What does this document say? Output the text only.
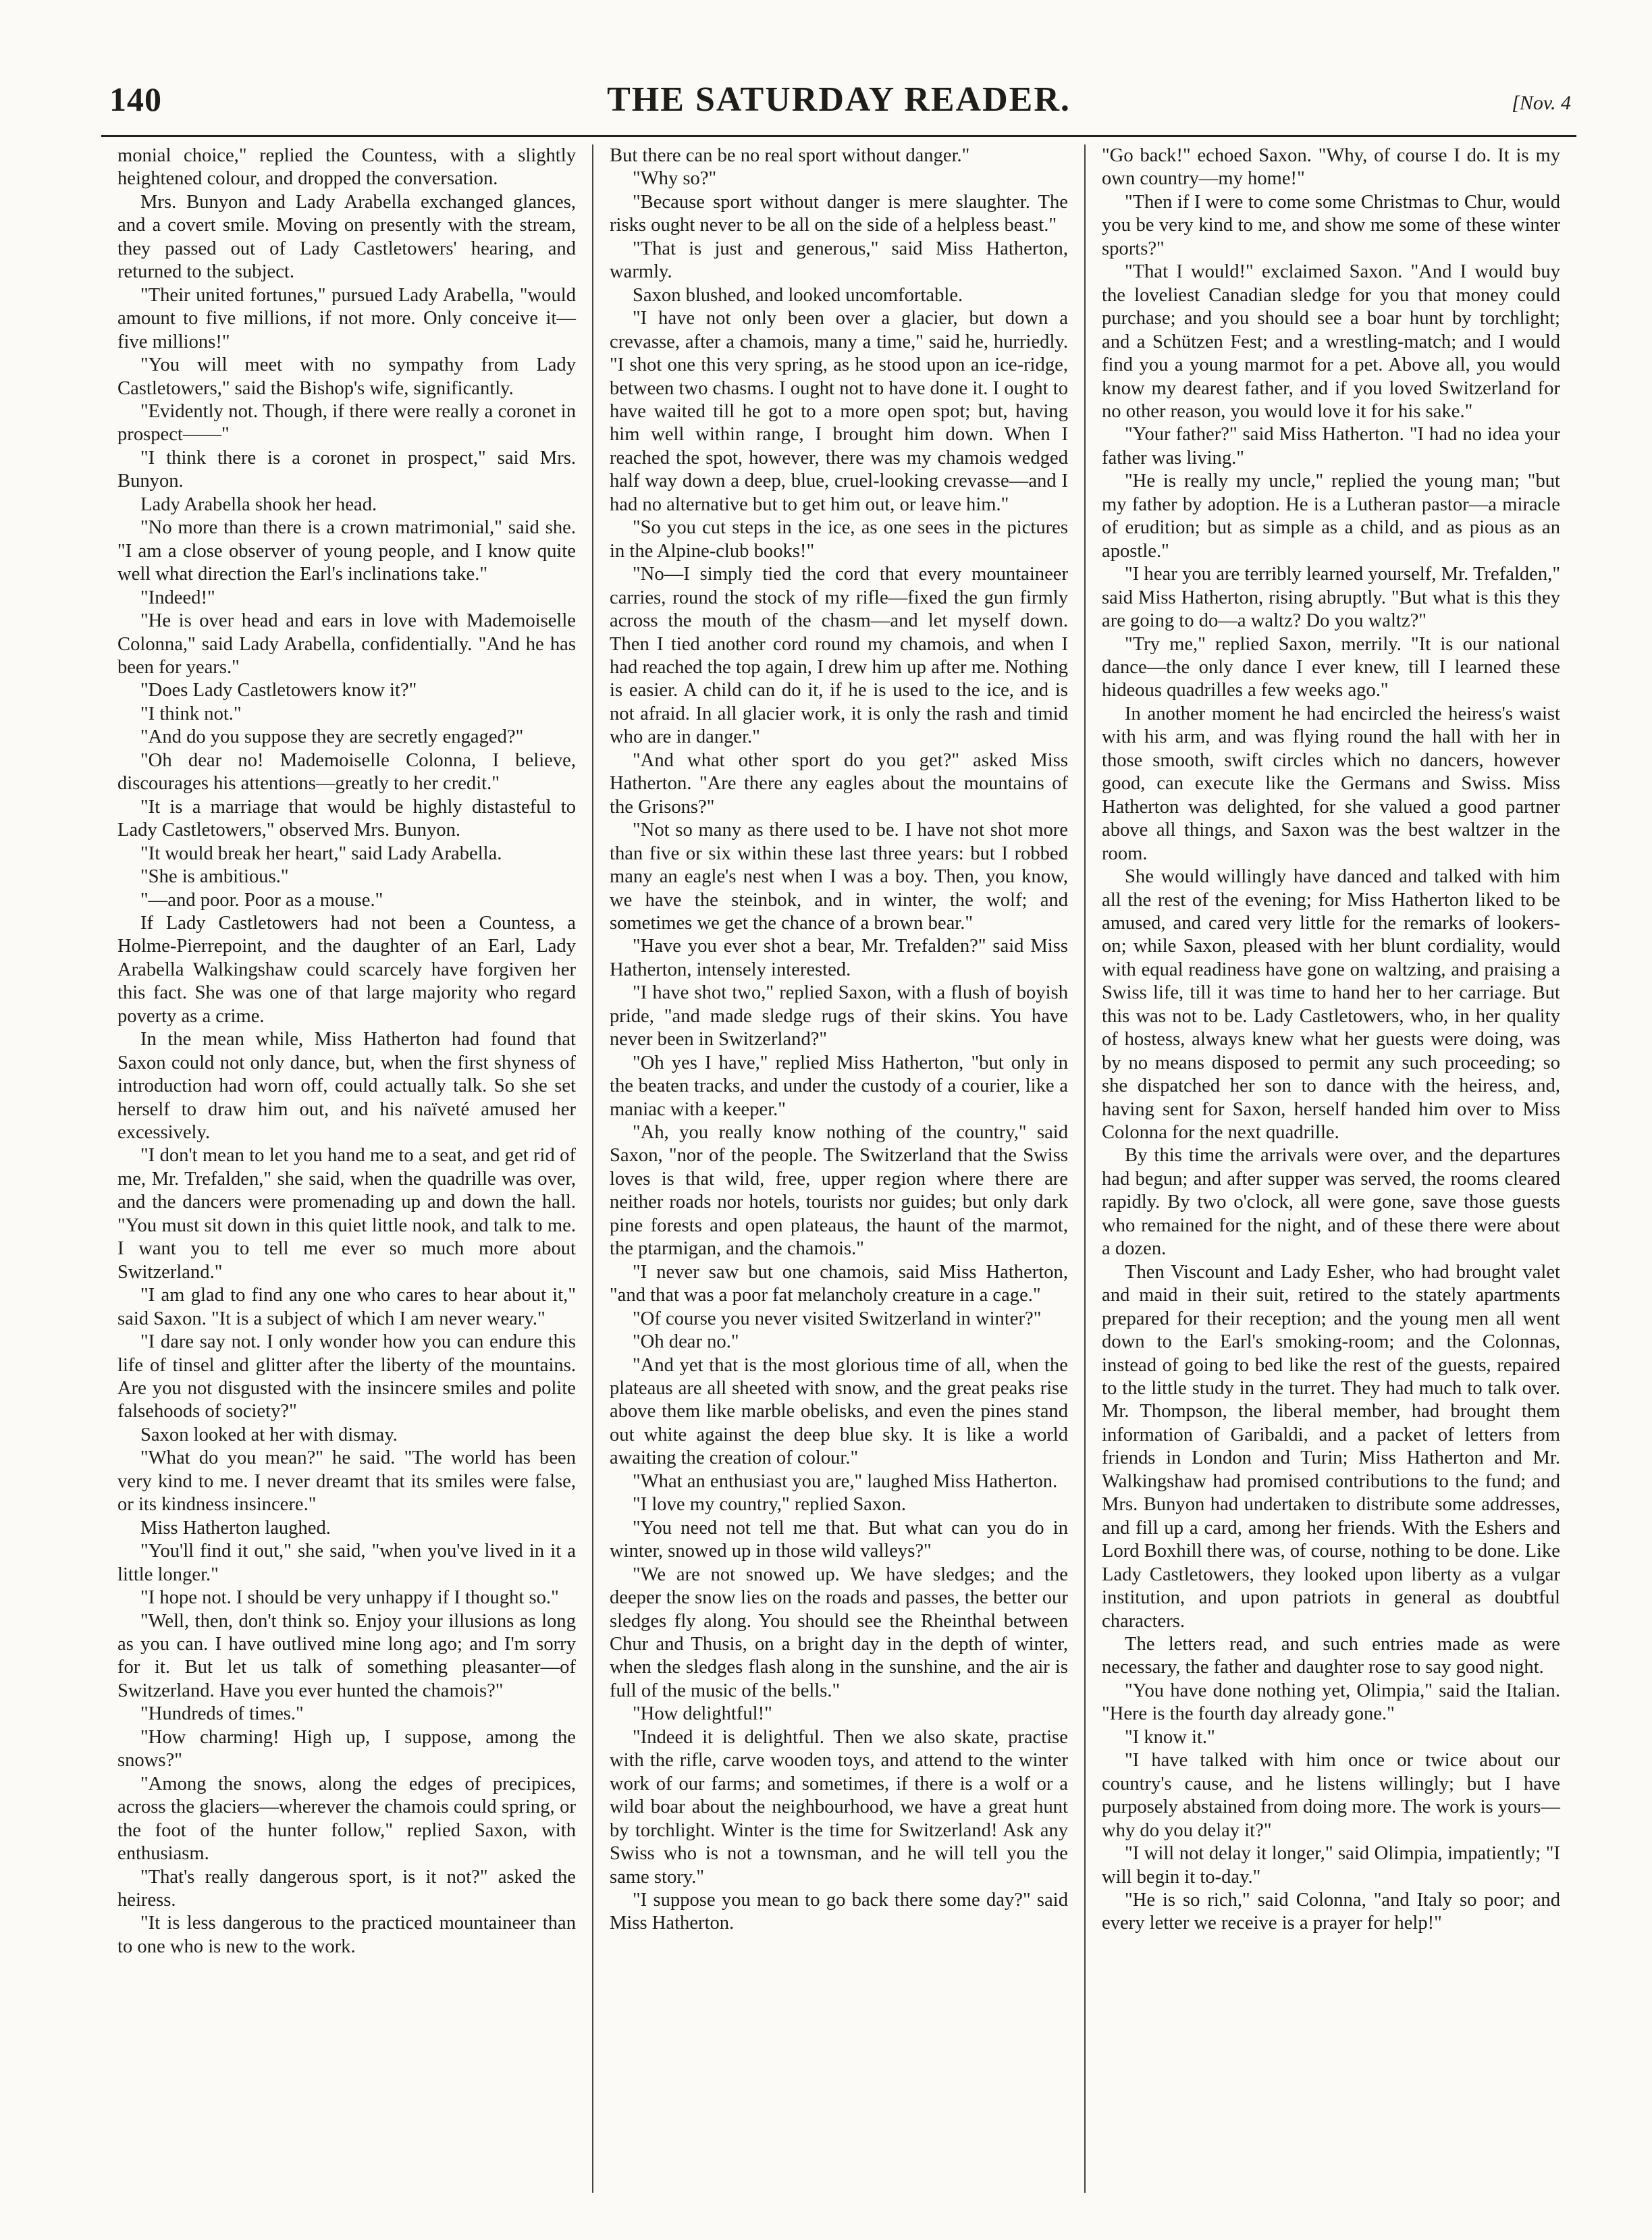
140	THE SATURDAY READER.	[Nov. 4

monial choice," replied the Countess, with a slightly heightened colour, and dropped the conversation.

Mrs. Bunyon and Lady Arabella exchanged glances, and a covert smile. Moving on presently with the stream, they passed out of Lady Castletowers' hearing, and returned to the subject.

"Their united fortunes," pursued Lady Arabella, "would amount to five millions, if not more. Only conceive it—five millions!"

"You will meet with no sympathy from Lady Castletowers," said the Bishop's wife, significantly.

"Evidently not. Though, if there were really a coronet in prospect——"

"I think there is a coronet in prospect," said Mrs. Bunyon.

Lady Arabella shook her head.

"No more than there is a crown matrimonial," said she. "I am a close observer of young people, and I know quite well what direction the Earl's inclinations take."

"Indeed!"

"He is over head and ears in love with Mademoiselle Colonna," said Lady Arabella, confidentially. "And he has been for years."

"Does Lady Castletowers know it?"

"I think not."

"And do you suppose they are secretly engaged?"

"Oh dear no! Mademoiselle Colonna, I believe, discourages his attentions—greatly to her credit."

"It is a marriage that would be highly distasteful to Lady Castletowers," observed Mrs. Bunyon.

"It would break her heart," said Lady Arabella.

"She is ambitious."

"—and poor. Poor as a mouse."

If Lady Castletowers had not been a Countess, a Holme-Pierrepoint, and the daughter of an Earl, Lady Arabella Walkingshaw could scarcely have forgiven her this fact. She was one of that large majority who regard poverty as a crime.

In the mean while, Miss Hatherton had found that Saxon could not only dance, but, when the first shyness of introduction had worn off, could actually talk. So she set herself to draw him out, and his naïveté amused her excessively.

"I don't mean to let you hand me to a seat, and get rid of me, Mr. Trefalden," she said, when the quadrille was over, and the dancers were promenading up and down the hall. "You must sit down in this quiet little nook, and talk to me. I want you to tell me ever so much more about Switzerland."

"I am glad to find any one who cares to hear about it," said Saxon. "It is a subject of which I am never weary."

"I dare say not. I only wonder how you can endure this life of tinsel and glitter after the liberty of the mountains. Are you not disgusted with the insincere smiles and polite falsehoods of society?"

Saxon looked at her with dismay.

"What do you mean?" he said. "The world has been very kind to me. I never dreamt that its smiles were false, or its kindness insincere."

Miss Hatherton laughed.

"You'll find it out," she said, "when you've lived in it a little longer."

"I hope not. I should be very unhappy if I thought so."

"Well, then, don't think so. Enjoy your illusions as long as you can. I have outlived mine long ago; and I'm sorry for it. But let us talk of something pleasanter—of Switzerland. Have you ever hunted the chamois?"

"Hundreds of times."

"How charming! High up, I suppose, among the snows?"

"Among the snows, along the edges of precipices, across the glaciers—wherever the chamois could spring, or the foot of the hunter follow," replied Saxon, with enthusiasm.

"That's really dangerous sport, is it not?" asked the heiress.

"It is less dangerous to the practiced mountaineer than to one who is new to the work.

But there can be no real sport without danger."

"Why so?"

"Because sport without danger is mere slaughter. The risks ought never to be all on the side of a helpless beast."

"That is just and generous," said Miss Hatherton, warmly.

Saxon blushed, and looked uncomfortable.

"I have not only been over a glacier, but down a crevasse, after a chamois, many a time," said he, hurriedly. "I shot one this very spring, as he stood upon an ice-ridge, between two chasms. I ought not to have done it. I ought to have waited till he got to a more open spot; but, having him well within range, I brought him down. When I reached the spot, however, there was my chamois wedged half way down a deep, blue, cruel-looking crevasse—and I had no alternative but to get him out, or leave him."

"So you cut steps in the ice, as one sees in the pictures in the Alpine-club books!"

"No—I simply tied the cord that every mountaineer carries, round the stock of my rifle—fixed the gun firmly across the mouth of the chasm—and let myself down. Then I tied another cord round my chamois, and when I had reached the top again, I drew him up after me. Nothing is easier. A child can do it, if he is used to the ice, and is not afraid. In all glacier work, it is only the rash and timid who are in danger."

"And what other sport do you get?" asked Miss Hatherton. "Are there any eagles about the mountains of the Grisons?"

"Not so many as there used to be. I have not shot more than five or six within these last three years: but I robbed many an eagle's nest when I was a boy. Then, you know, we have the steinbok, and in winter, the wolf; and sometimes we get the chance of a brown bear."

"Have you ever shot a bear, Mr. Trefalden?" said Miss Hatherton, intensely interested.

"I have shot two," replied Saxon, with a flush of boyish pride, "and made sledge rugs of their skins. You have never been in Switzerland?"

"Oh yes I have," replied Miss Hatherton, "but only in the beaten tracks, and under the custody of a courier, like a maniac with a keeper."

"Ah, you really know nothing of the country," said Saxon, "nor of the people. The Switzerland that the Swiss loves is that wild, free, upper region where there are neither roads nor hotels, tourists nor guides; but only dark pine forests and open plateaus, the haunt of the marmot, the ptarmigan, and the chamois."

"I never saw but one chamois, said Miss Hatherton, "and that was a poor fat melancholy creature in a cage."

"Of course you never visited Switzerland in winter?"

"Oh dear no."

"And yet that is the most glorious time of all, when the plateaus are all sheeted with snow, and the great peaks rise above them like marble obelisks, and even the pines stand out white against the deep blue sky. It is like a world awaiting the creation of colour."

"What an enthusiast you are," laughed Miss Hatherton.

"I love my country," replied Saxon.

"You need not tell me that. But what can you do in winter, snowed up in those wild valleys?"

"We are not snowed up. We have sledges; and the deeper the snow lies on the roads and passes, the better our sledges fly along. You should see the Rheinthal between Chur and Thusis, on a bright day in the depth of winter, when the sledges flash along in the sunshine, and the air is full of the music of the bells."

"How delightful!"

"Indeed it is delightful. Then we also skate, practise with the rifle, carve wooden toys, and attend to the winter work of our farms; and sometimes, if there is a wolf or a wild boar about the neighbourhood, we have a great hunt by torchlight. Winter is the time for Switzerland! Ask any Swiss who is not a townsman, and he will tell you the same story."

"I suppose you mean to go back there some day?" said Miss Hatherton.

"Go back!" echoed Saxon. "Why, of course I do. It is my own country—my home!"

"Then if I were to come some Christmas to Chur, would you be very kind to me, and show me some of these winter sports?"

"That I would!" exclaimed Saxon. "And I would buy the loveliest Canadian sledge for you that money could purchase; and you should see a boar hunt by torchlight; and a Schützen Fest; and a wrestling-match; and I would find you a young marmot for a pet. Above all, you would know my dearest father, and if you loved Switzerland for no other reason, you would love it for his sake."

"Your father?" said Miss Hatherton. "I had no idea your father was living."

"He is really my uncle," replied the young man; "but my father by adoption. He is a Lutheran pastor—a miracle of erudition; but as simple as a child, and as pious as an apostle."

"I hear you are terribly learned yourself, Mr. Trefalden," said Miss Hatherton, rising abruptly. "But what is this they are going to do—a waltz? Do you waltz?"

"Try me," replied Saxon, merrily. "It is our national dance—the only dance I ever knew, till I learned these hideous quadrilles a few weeks ago."

In another moment he had encircled the heiress's waist with his arm, and was flying round the hall with her in those smooth, swift circles which no dancers, however good, can execute like the Germans and Swiss. Miss Hatherton was delighted, for she valued a good partner above all things, and Saxon was the best waltzer in the room.

She would willingly have danced and talked with him all the rest of the evening; for Miss Hatherton liked to be amused, and cared very little for the remarks of lookers-on; while Saxon, pleased with her blunt cordiality, would with equal readiness have gone on waltzing, and praising a Swiss life, till it was time to hand her to her carriage. But this was not to be. Lady Castletowers, who, in her quality of hostess, always knew what her guests were doing, was by no means disposed to permit any such proceeding; so she dispatched her son to dance with the heiress, and, having sent for Saxon, herself handed him over to Miss Colonna for the next quadrille.

By this time the arrivals were over, and the departures had begun; and after supper was served, the rooms cleared rapidly. By two o'clock, all were gone, save those guests who remained for the night, and of these there were about a dozen.

Then Viscount and Lady Esher, who had brought valet and maid in their suit, retired to the stately apartments prepared for their reception; and the young men all went down to the Earl's smoking-room; and the Colonnas, instead of going to bed like the rest of the guests, repaired to the little study in the turret. They had much to talk over. Mr. Thompson, the liberal member, had brought them information of Garibaldi, and a packet of letters from friends in London and Turin; Miss Hatherton and Mr. Walkingshaw had promised contributions to the fund; and Mrs. Bunyon had undertaken to distribute some addresses, and fill up a card, among her friends. With the Eshers and Lord Boxhill there was, of course, nothing to be done. Like Lady Castletowers, they looked upon liberty as a vulgar institution, and upon patriots in general as doubtful characters.

The letters read, and such entries made as were necessary, the father and daughter rose to say good night.

"You have done nothing yet, Olimpia," said the Italian. "Here is the fourth day already gone."

"I know it."

"I have talked with him once or twice about our country's cause, and he listens willingly; but I have purposely abstained from doing more. The work is yours—why do you delay it?"

"I will not delay it longer," said Olimpia, impatiently; "I will begin it to-day."

"He is so rich," said Colonna, "and Italy so poor; and every letter we receive is a prayer for help!"
